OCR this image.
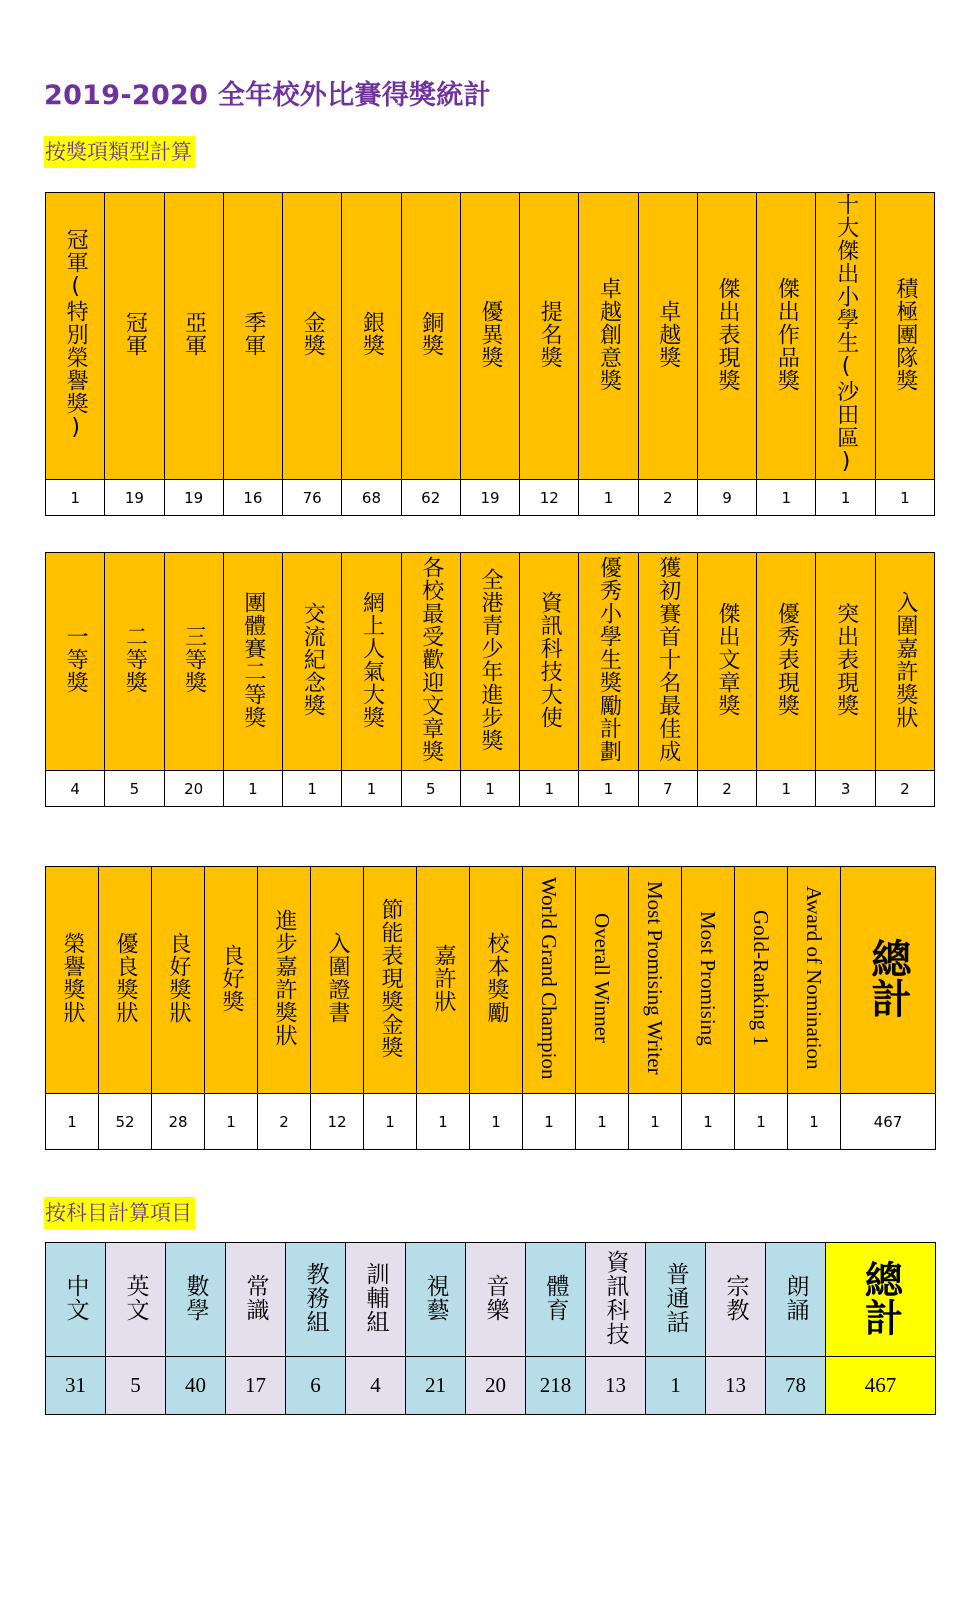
2019-2020 全年校外比賽得獎統計
按獎項類型計算
冠軍(特別榮譽獎)	冠軍	亞軍	季軍	金獎	銀獎	銅獎	優異獎	提名獎	卓越創意獎	卓越獎	傑出表現獎	傑出作品獎	十大傑出小學生(沙田區)	積極團隊獎
1	19	19	16	76	68	62	19	12	1	2	9	1	1	1
一等獎	二等獎	三等獎	團體賽二等獎	交流紀念獎	網上人氣大獎	各校最受歡迎文章獎	全港青少年進步獎	資訊科技大使	優秀小學生獎勵計劃	獲初賽首十名最佳成	傑出文章獎	優秀表現獎	突出表現獎	入圍嘉許獎狀
4	5	20	1	1	1	5	1	1	1	7	2	1	3	2
榮譽獎狀	優良獎狀	良好獎狀	良好獎	進步嘉許獎狀	入圍證書	節能表現獎金獎	嘉許狀	校本獎勵	World Grand Champion	Overall Winner	Most Promising Writer	Most Promising	Gold-Ranking 1	Award of Nomination	總計
1	52	28	1	2	12	1	1	1	1	1	1	1	1	1	467
按科目計算項目
中文	英文	數學	常識	教務組	訓輔組	視藝	音樂	體育	資訊科技	普通話	宗教	朗誦	總計
31	5	40	17	6	4	21	20	218	13	1	13	78	467
